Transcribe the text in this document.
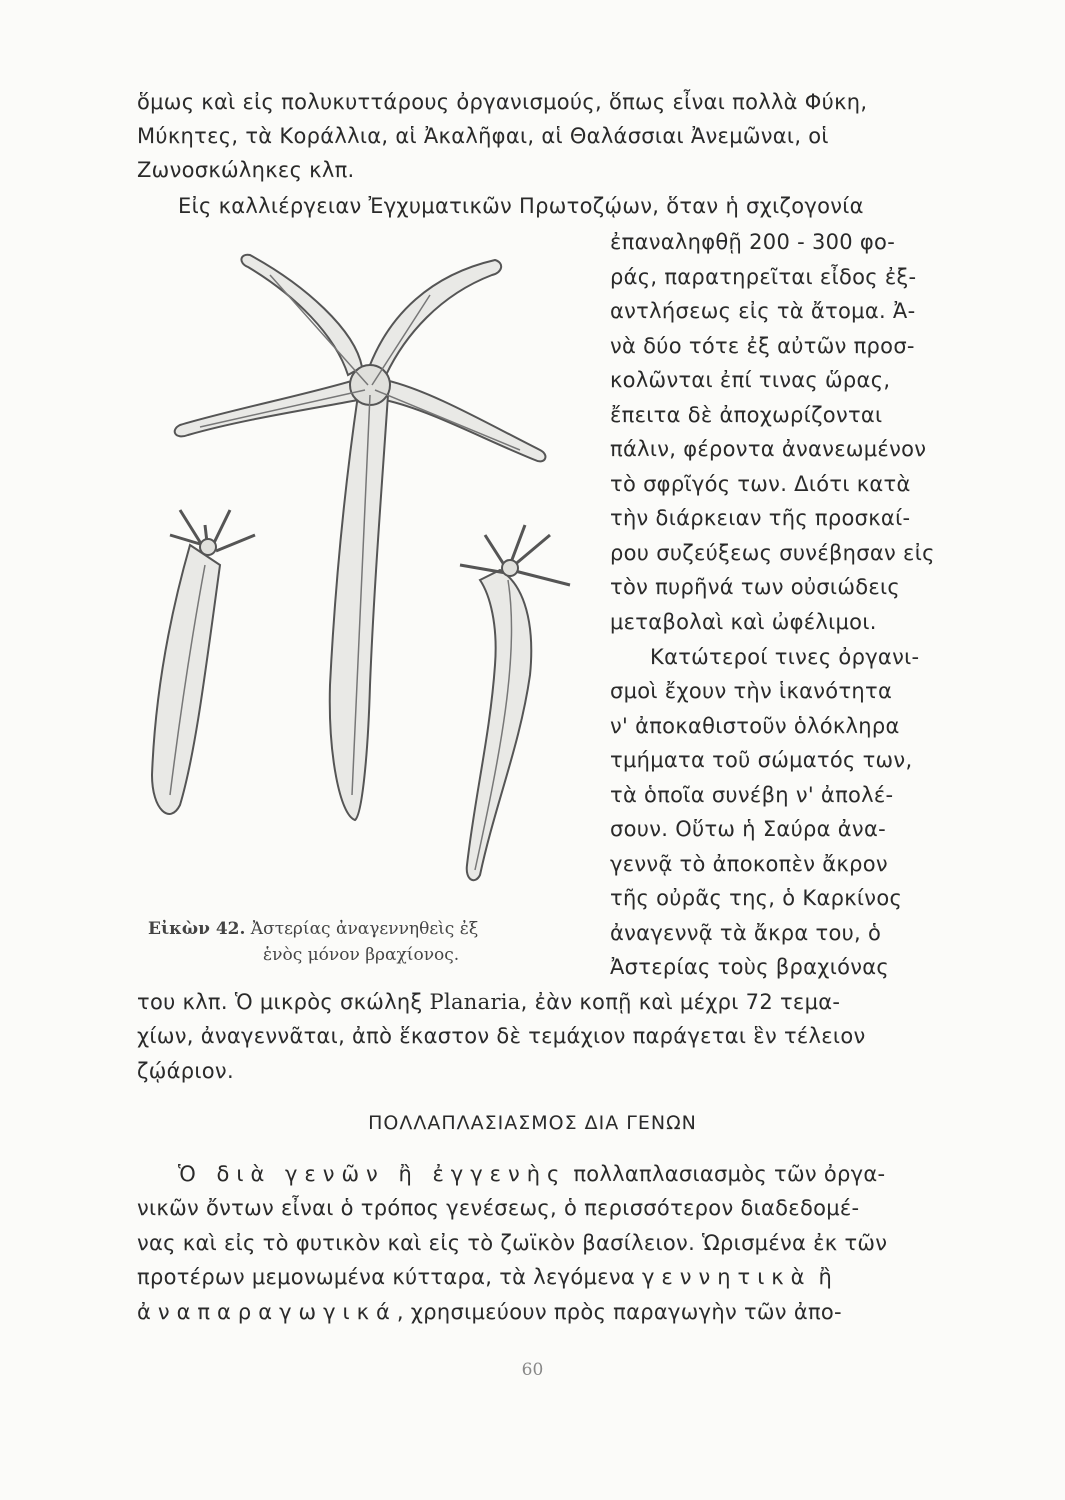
ὅμως καὶ εἰς πολυκυττάρους ὀργανισμούς, ὅπως εἶναι πολλὰ Φύκη,
Μύκητες, τὰ Κοράλλια, αἱ Ἀκαλῆφαι, αἱ Θαλάσσιαι Ἀνεμῶναι, οἱ
Ζωνοσκώληκες κλπ.
Εἰς καλλιέργειαν Ἐγχυματικῶν Πρωτοζῴων, ὅταν ἡ σχιζογονία
ἐπαναληφθῇ 200 - 300 φο-
ράς, παρατηρεῖται εἶδος ἐξ-
αντλήσεως εἰς τὰ ἄτομα. Ἀ-
νὰ δύο τότε ἐξ αὐτῶν προσ-
κολῶνται ἐπί τινας ὥρας,
ἔπειτα δὲ ἀποχωρίζονται
πάλιν, φέροντα ἀνανεωμένον
τὸ σφρῖγός των. Διότι κατὰ
τὴν διάρκειαν τῆς προσκαί-
ρου συζεύξεως συνέβησαν εἰς
τὸν πυρῆνά των οὐσιώδεις
μεταβολαὶ καὶ ὠφέλιμοι.
Κατώτεροί τινες ὀργανι-
σμοὶ ἔχουν τὴν ἱκανότητα
ν' ἀποκαθιστοῦν ὁλόκληρα
τμήματα τοῦ σώματός των,
τὰ ὁποῖα συνέβη ν' ἀπολέ-
σουν. Οὕτω ἡ Σαύρα ἀνα-
γεννᾷ τὸ ἀποκοπὲν ἄκρον
τῆς οὐρᾶς της, ὁ Καρκίνος
ἀναγεννᾷ τὰ ἄκρα του, ὁ
Ἀστερίας τοὺς βραχιόνας
του κλπ. Ὁ μικρὸς σκώληξ Planaria, ἐὰν κοπῇ καὶ μέχρι 72 τεμα-
χίων, ἀναγεννᾶται, ἀπὸ ἕκαστον δὲ τεμάχιον παράγεται ἓν τέλειον
ζῴάριον.
ΠΟΛΛΑΠΛΑΣΙΑΣΜΟΣ ΔΙΑ ΓΕΝΩΝ
Ὁ διὰ γενῶν ἢ ἐγγενὴς πολλαπλασιασμὸς τῶν ὀργα-
νικῶν ὄντων εἶναι ὁ τρόπος γενέσεως, ὁ περισσότερον διαδεδομέ-
νας καὶ εἰς τὸ φυτικὸν καὶ εἰς τὸ ζωϊκὸν βασίλειον. Ὡρισμένα ἐκ τῶν
προτέρων μεμονωμένα κύτταρα, τὰ λεγόμενα γεννητικὰ ἢ
ἀναπαραγωγικά, χρησιμεύουν πρὸς παραγωγὴν τῶν ἀπο-
Εἰκὼν 42. Ἀστερίας ἀναγεννηθεὶς ἐξ
ἑνὸς μόνον βραχίονος.
60
